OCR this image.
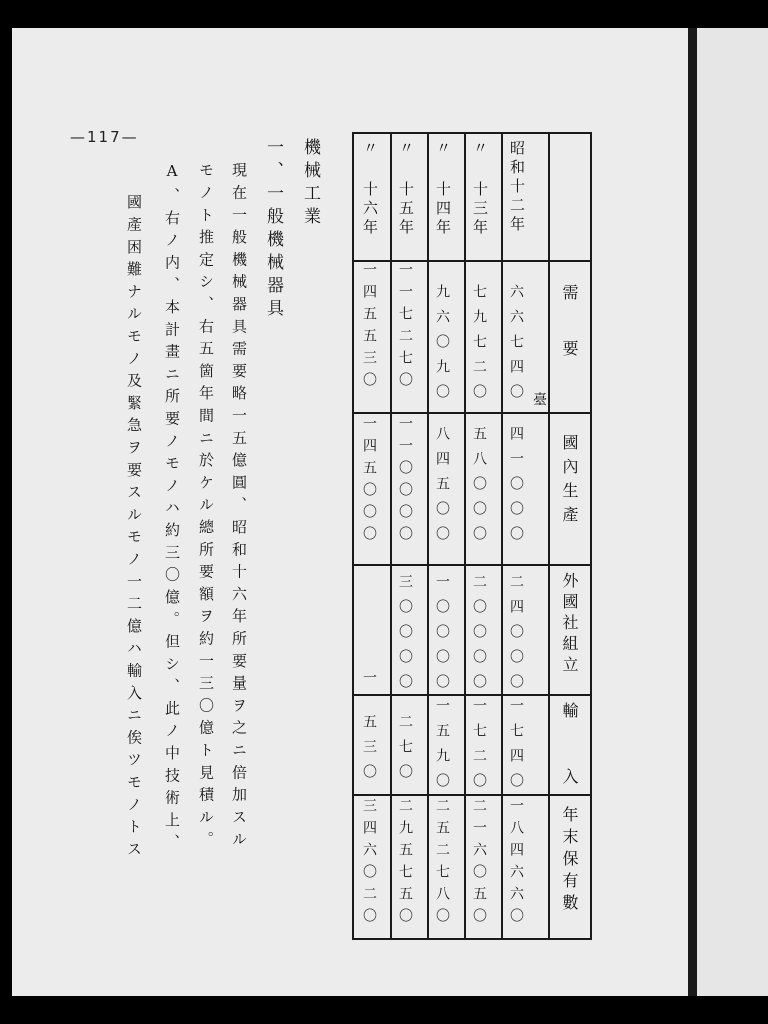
—117—
機械工業
一、一般機械器具
現在一般機械器具需要略一五億圓、昭和十六年所要量ヲ之ニ倍加スル
モノト推定シ、右五箇年間ニ於ケル總所要額ヲ約一三〇億ト見積ル。
A、右ノ内、本計畫ニ所要ノモノハ約三〇億。但シ、此ノ中技術上、
國產困難ナルモノ及緊急ヲ要スルモノ一二億ハ輸入ニ俟ツモノトス	需要
國內生產
外國社組立
輸入
年末保有數
昭和十二年
六六七四〇 臺
四一〇〇〇
二四〇〇〇
一七四〇
一八四六六〇
〃 十三年
七九七二〇
五八〇〇〇
二〇〇〇〇
一七二〇
二一六〇五〇
〃 十四年
九六〇九〇
八四五〇〇
一〇〇〇〇
一五九〇
二五二七八〇
〃 十五年
一一七二七〇
一一〇〇〇〇
三〇〇〇〇
二七〇
二九五七五〇
〃 十六年
一四五五三〇
一四五〇〇〇
一
五三〇
三四六〇二〇
